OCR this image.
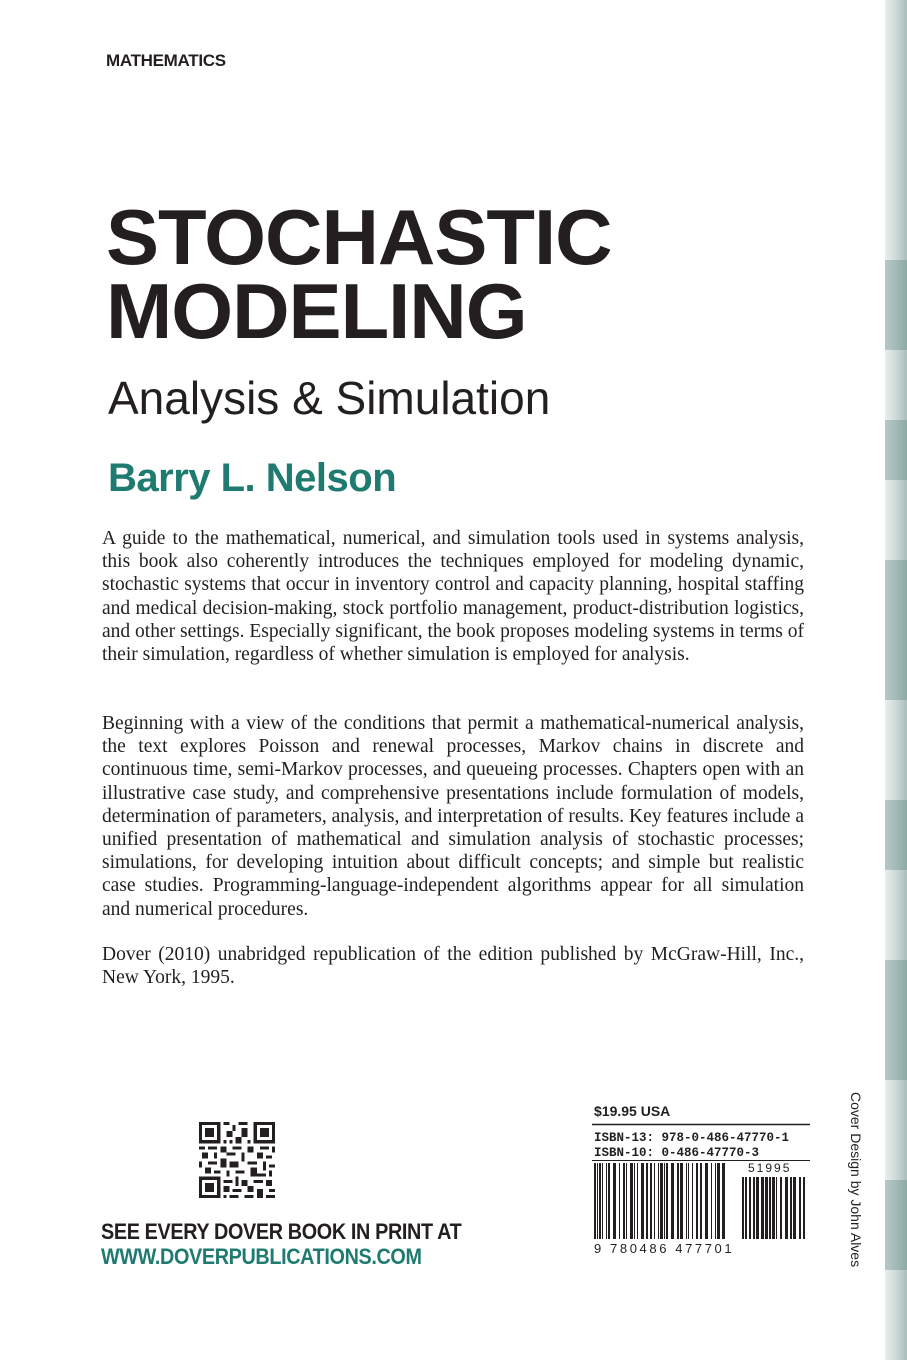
MATHEMATICS
STOCHASTIC
MODELING
Analysis & Simulation
Barry L. Nelson

A guide to the mathematical, numerical, and simulation tools used in systems analysis, this book also coherently introduces the techniques employed for modeling dynamic, stochastic systems that occur in inventory control and capacity planning, hospital staffing and medical decision-making, stock portfolio management, product-distribution logistics, and other settings. Especially significant, the book proposes modeling systems in terms of their simulation, regardless of whether simulation is employed for analysis.

Beginning with a view of the conditions that permit a mathematical-numerical analysis, the text explores Poisson and renewal processes, Markov chains in discrete and continuous time, semi-Markov processes, and queueing processes. Chapters open with an illustrative case study, and comprehensive presentations include formulation of models, determination of parameters, analysis, and interpretation of results. Key features include a unified presentation of mathematical and simulation analysis of stochastic processes; simulations, for developing intuition about difficult concepts; and simple but realistic case studies. Programming-language-independent algorithms appear for all simulation and numerical procedures.

Dover (2010) unabridged republication of the edition published by McGraw-Hill, Inc., New York, 1995.

SEE EVERY DOVER BOOK IN PRINT AT
WWW.DOVERPUBLICATIONS.COM
$19.95 USA
ISBN-13: 978-0-486-47770-1
ISBN-10: 0-486-47770-3
51995
9 780486 477701	Cover Design by John Alves
